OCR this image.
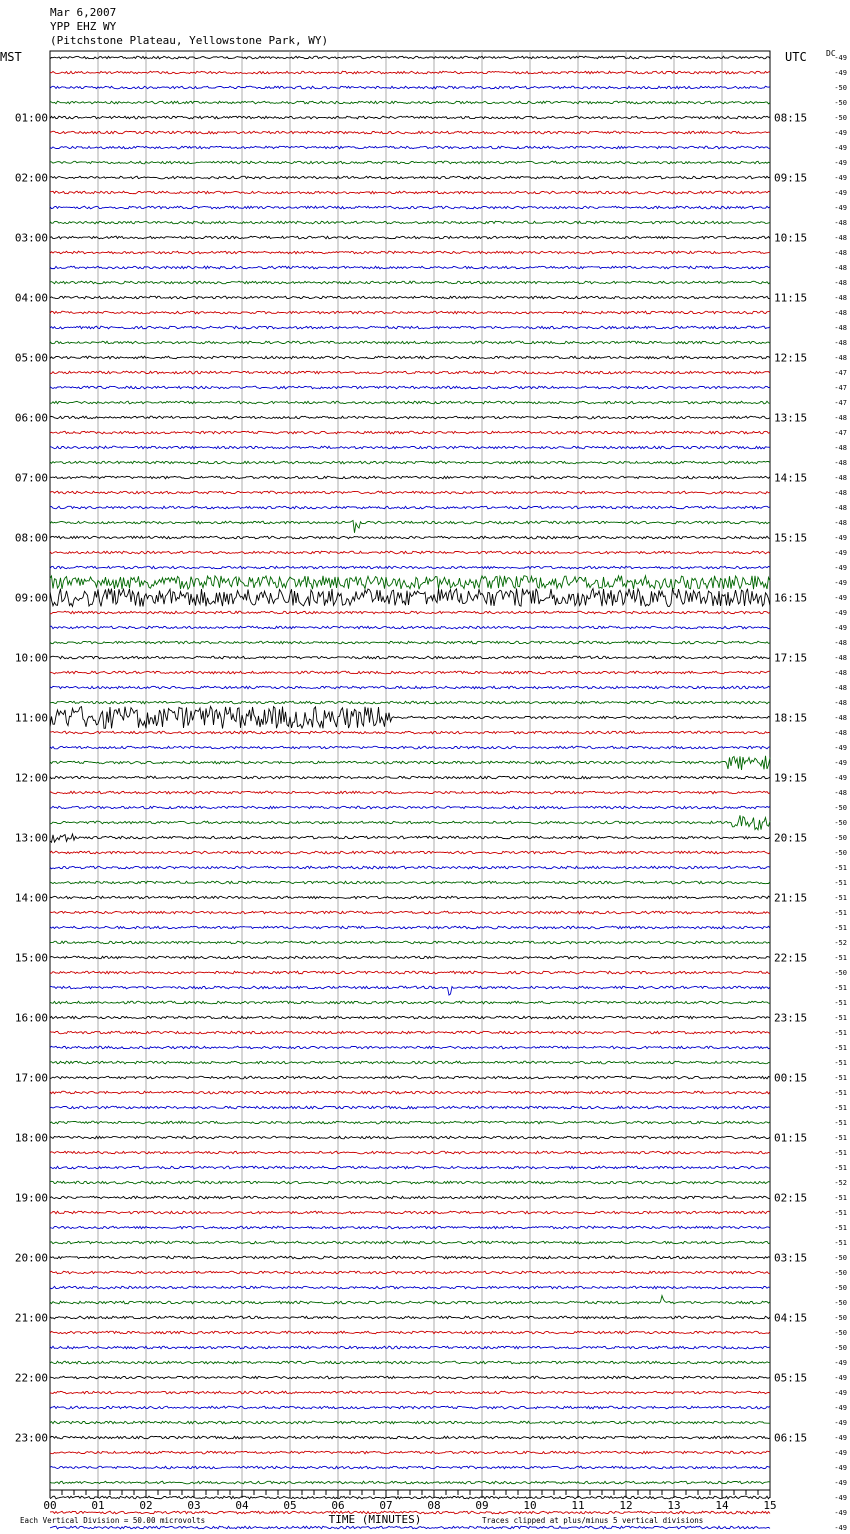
Mar 6,2007
YPP EHZ WY
(Pitchstone Plateau, Yellowstone Park, WY)
-49
-49
-50
-50
-50
-49
-49
-49
-49
-49
-49
-48
-48
-48
-48
-48
-48
-48
-48
-48
-48
-47
-47
-47
-48
-47
-48
-48
-48
-48
-48
-48
-49
-49
-49
-49
-49
-49
-49
-48
-48
-48
-48
-48
-48
-48
-49
-49
-49
-48
-50
-50
-50
-50
-51
-51
-51
-51
-51
-52
-51
-50
-51
-51
-51
-51
-51
-51
-51
-51
-51
-51
-51
-51
-51
-52
-51
-51
-51
-51
-50
-50
-50
-50
-50
-50
-50
-49
-49
-49
-49
-49
-49
-49
-49
-49
-49
-49
-49
MST	UTC DC
01:00
02:00
03:00
04:00
05:00
06:00
07:00
08:00
09:00
10:00
11:00
12:00
13:00
14:00
15:00
16:00
17:00
18:00
19:00
20:00
21:00
22:00
23:00
08:15
09:15
10:15
11:15
12:15
13:15
14:15
15:15
16:15
17:15
18:15
19:15
20:15
21:15
22:15
23:15
00:15
01:15
02:15
03:15
04:15
05:15
06:15
00	01	02	03	04	05	06	07	08	09	10	11	12	13	14	15
TIME (MINUTES)
Each Vertical Division = 50.00 microvolts	Traces clipped at plus/minus 5 vertical divisions
